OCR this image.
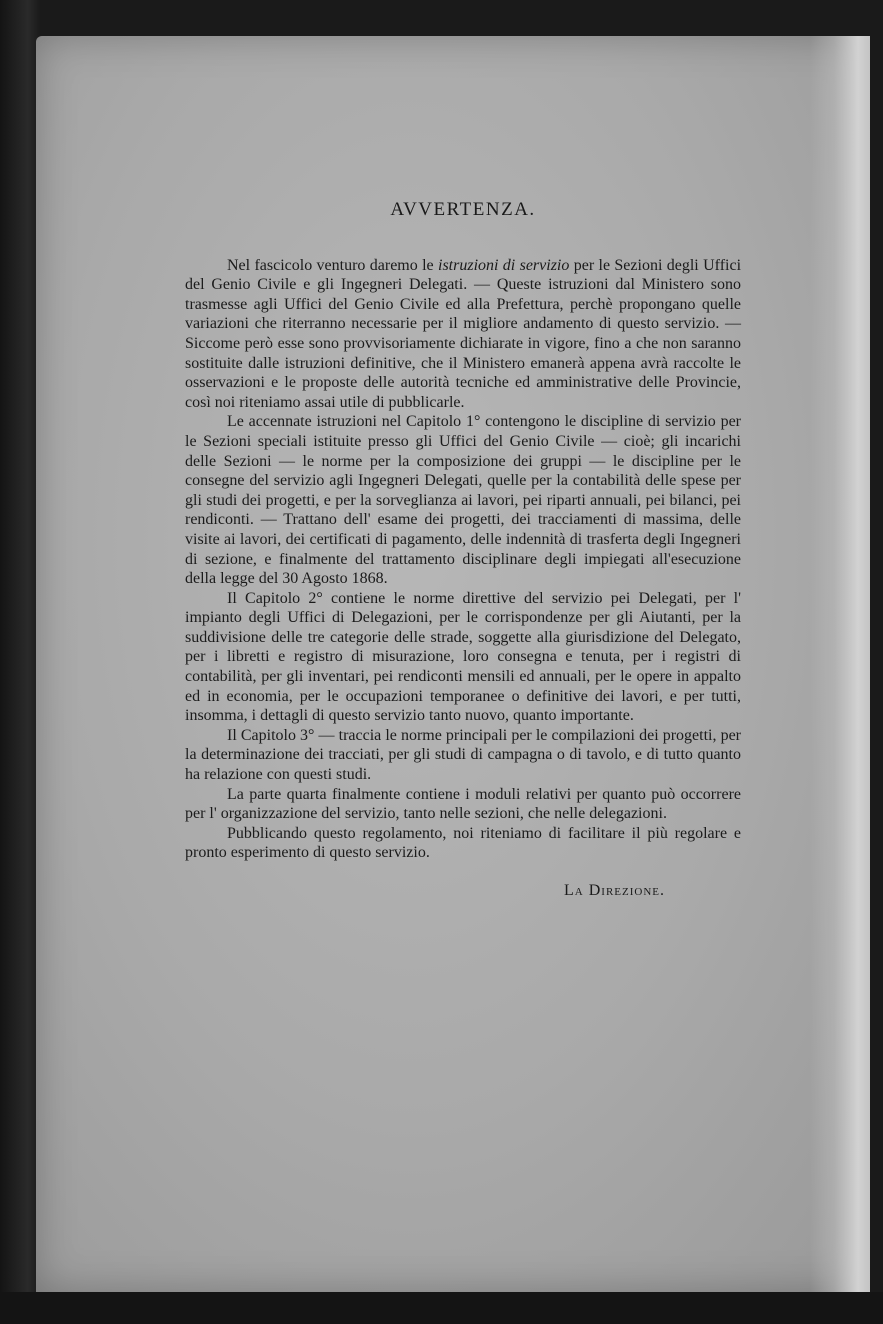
AVVERTENZA.

Nel fascicolo venturo daremo le istruzioni di servizio per le Sezioni degli Uffici del Genio Civile e gli Ingegneri Delegati. — Queste istruzioni dal Ministero sono trasmesse agli Uffici del Genio Civile ed alla Prefettura, perchè propongano quelle variazioni che riterranno necessarie per il migliore andamento di questo servizio. — Siccome però esse sono provvisoriamente dichiarate in vigore, fino a che non saranno sostituite dalle istruzioni definitive, che il Ministero emanerà appena avrà raccolte le osservazioni e le proposte delle autorità tecniche ed amministrative delle Provincie, così noi riteniamo assai utile di pubblicarle.

Le accennate istruzioni nel Capitolo 1° contengono le discipline di servizio per le Sezioni speciali istituite presso gli Uffici del Genio Civile — cioè; gli incarichi delle Sezioni — le norme per la composizione dei gruppi — le discipline per le consegne del servizio agli Ingegneri Delegati, quelle per la contabilità delle spese per gli studi dei progetti, e per la sorveglianza ai lavori, pei riparti annuali, pei bilanci, pei rendiconti. — Trattano dell' esame dei progetti, dei tracciamenti di massima, delle visite ai lavori, dei certificati di pagamento, delle indennità di trasferta degli Ingegneri di sezione, e finalmente del trattamento disciplinare degli impiegati all'esecuzione della legge del 30 Agosto 1868.

Il Capitolo 2° contiene le norme direttive del servizio pei Delegati, per l' impianto degli Uffici di Delegazioni, per le corrispondenze per gli Aiutanti, per la suddivisione delle tre categorie delle strade, soggette alla giurisdizione del Delegato, per i libretti e registro di misurazione, loro consegna e tenuta, per i registri di contabilità, per gli inventari, pei rendiconti mensili ed annuali, per le opere in appalto ed in economia, per le occupazioni temporanee o definitive dei lavori, e per tutti, insomma, i dettagli di questo servizio tanto nuovo, quanto importante.

Il Capitolo 3° — traccia le norme principali per le compilazioni dei progetti, per la determinazione dei tracciati, per gli studi di campagna o di tavolo, e di tutto quanto ha relazione con questi studi.

La parte quarta finalmente contiene i moduli relativi per quanto può occorrere per l' organizzazione del servizio, tanto nelle sezioni, che nelle delegazioni.

Pubblicando questo regolamento, noi riteniamo di facilitare il più regolare e pronto esperimento di questo servizio.

La Direzione.
